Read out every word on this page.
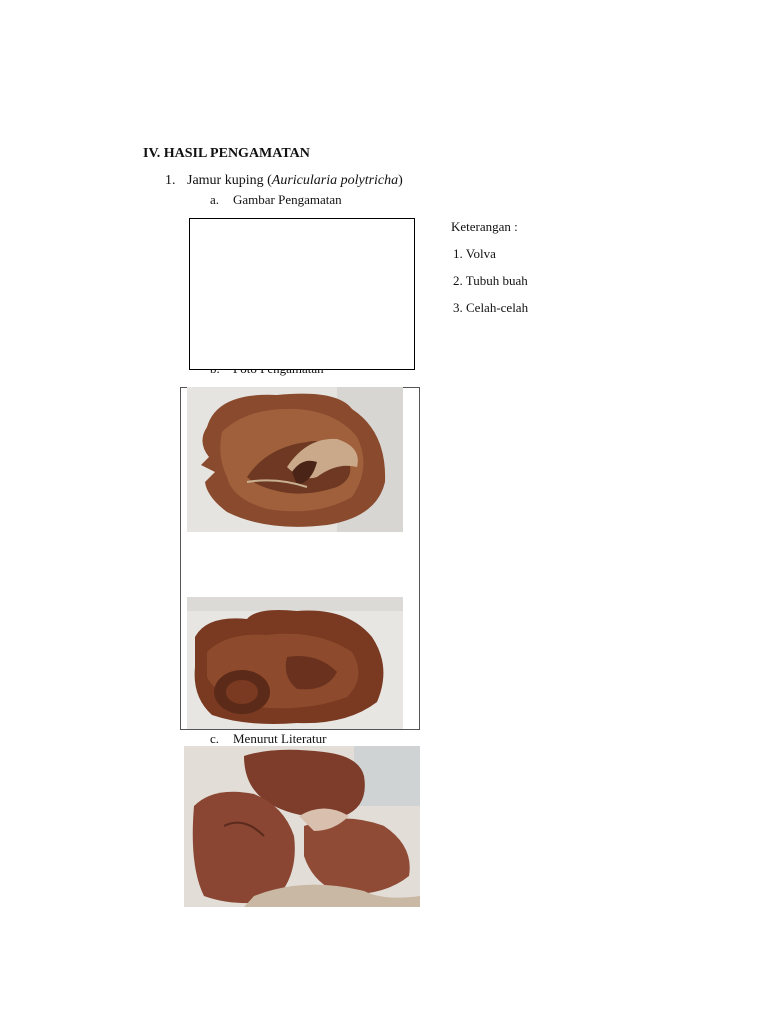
IV. HASIL PENGAMATAN
1. Jamur kuping (Auricularia polytricha)
a. Gambar Pengamatan
Keterangan :
1. Volva
2. Tubuh buah
3. Celah-celah
c. Menurut Literatur
